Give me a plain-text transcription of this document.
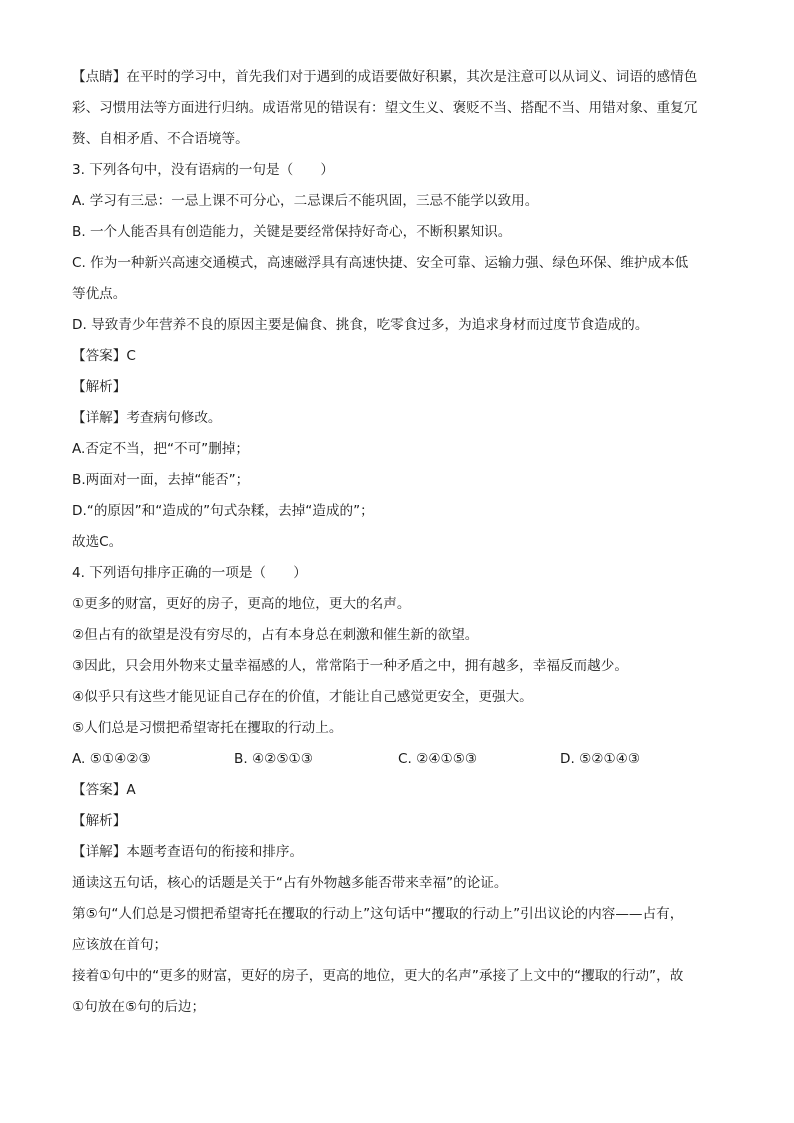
【点睛】在平时的学习中，首先我们对于遇到的成语要做好积累，其次是注意可以从词义、词语的感情色
彩、习惯用法等方面进行归纳。成语常见的错误有：望文生义、褒贬不当、搭配不当、用错对象、重复冗
赘、自相矛盾、不合语境等。
3. 下列各句中，没有语病的一句是（　　）
A. 学习有三忌：一忌上课不可分心，二忌课后不能巩固，三忌不能学以致用。
B. 一个人能否具有创造能力，关键是要经常保持好奇心，不断积累知识。
C. 作为一种新兴高速交通模式，高速磁浮具有高速快捷、安全可靠、运输力强、绿色环保、维护成本低
等优点。
D. 导致青少年营养不良的原因主要是偏食、挑食，吃零食过多，为追求身材而过度节食造成的。
【答案】C
【解析】
【详解】考查病句修改。
A.否定不当，把“不可”删掉；
B.两面对一面，去掉“能否”；
D.“的原因”和“造成的”句式杂糅，去掉“造成的”；
故选C。
4. 下列语句排序正确的一项是（　　）
①更多的财富，更好的房子，更高的地位，更大的名声。
②但占有的欲望是没有穷尽的，占有本身总在刺激和催生新的欲望。
③因此，只会用外物来丈量幸福感的人，常常陷于一种矛盾之中，拥有越多，幸福反而越少。
④似乎只有这些才能见证自己存在的价值，才能让自己感觉更安全，更强大。
⑤人们总是习惯把希望寄托在攫取的行动上。
A. ⑤①④②③	B. ④②⑤①③	C. ②④①⑤③	D. ⑤②①④③
【答案】A
【解析】
【详解】本题考查语句的衔接和排序。
通读这五句话，核心的话题是关于“占有外物越多能否带来幸福”的论证。
第⑤句“人们总是习惯把希望寄托在攫取的行动上”这句话中“攫取的行动上”引出议论的内容——占有，
应该放在首句；
接着①句中的“更多的财富，更好的房子，更高的地位，更大的名声”承接了上文中的“攫取的行动”，故
①句放在⑤句的后边；
